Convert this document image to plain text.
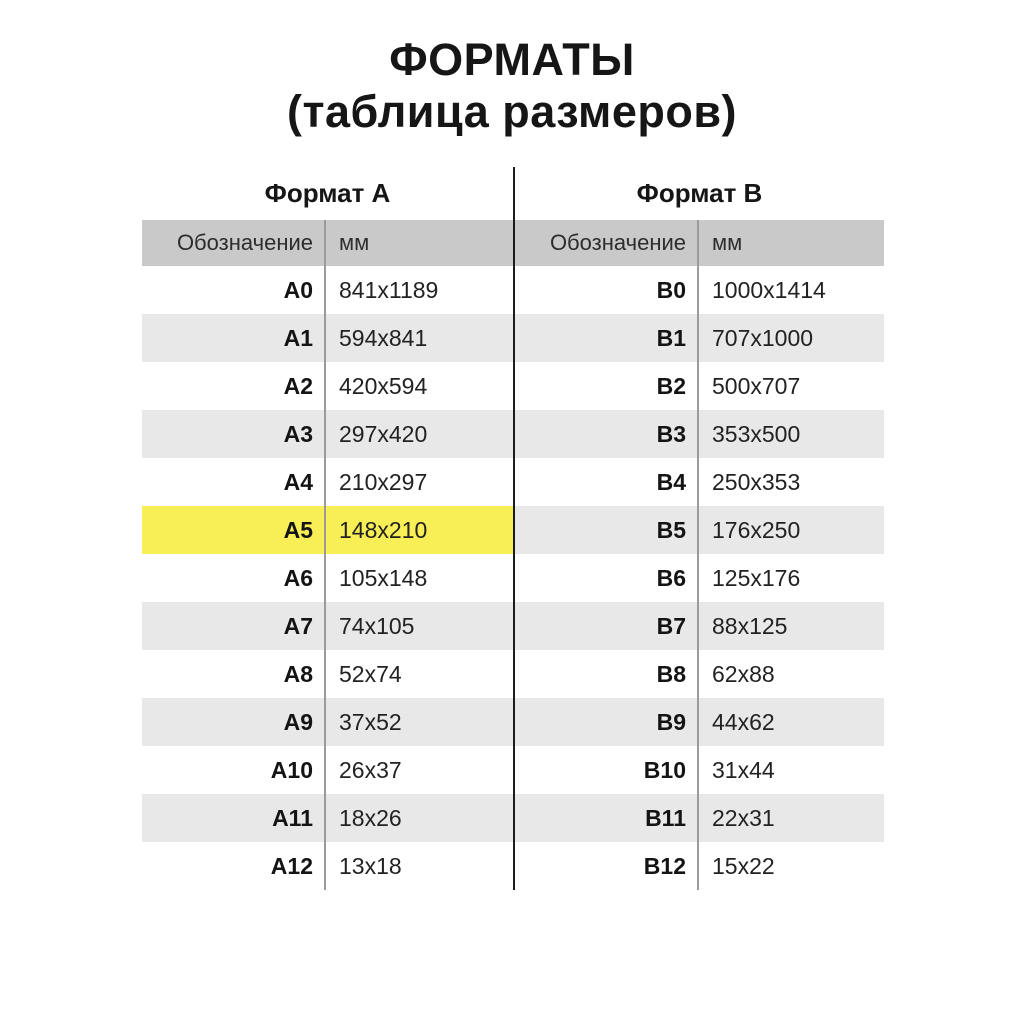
ФОРМАТЫ
(таблица размеров)
Формат A
Обозначение	мм
A0	841x1189
A1	594x841
A2	420x594
A3	297x420
A4	210x297
A5	148x210
A6	105x148
A7	74x105
A8	52x74
A9	37x52
A10	26x37
A11	18x26
A12	13x18
Формат B
Обозначение	мм
B0	1000x1414
B1	707x1000
B2	500x707
B3	353x500
B4	250x353
B5	176x250
B6	125x176
B7	88x125
B8	62x88
B9	44x62
B10	31x44
B11	22x31
B12	15x22
